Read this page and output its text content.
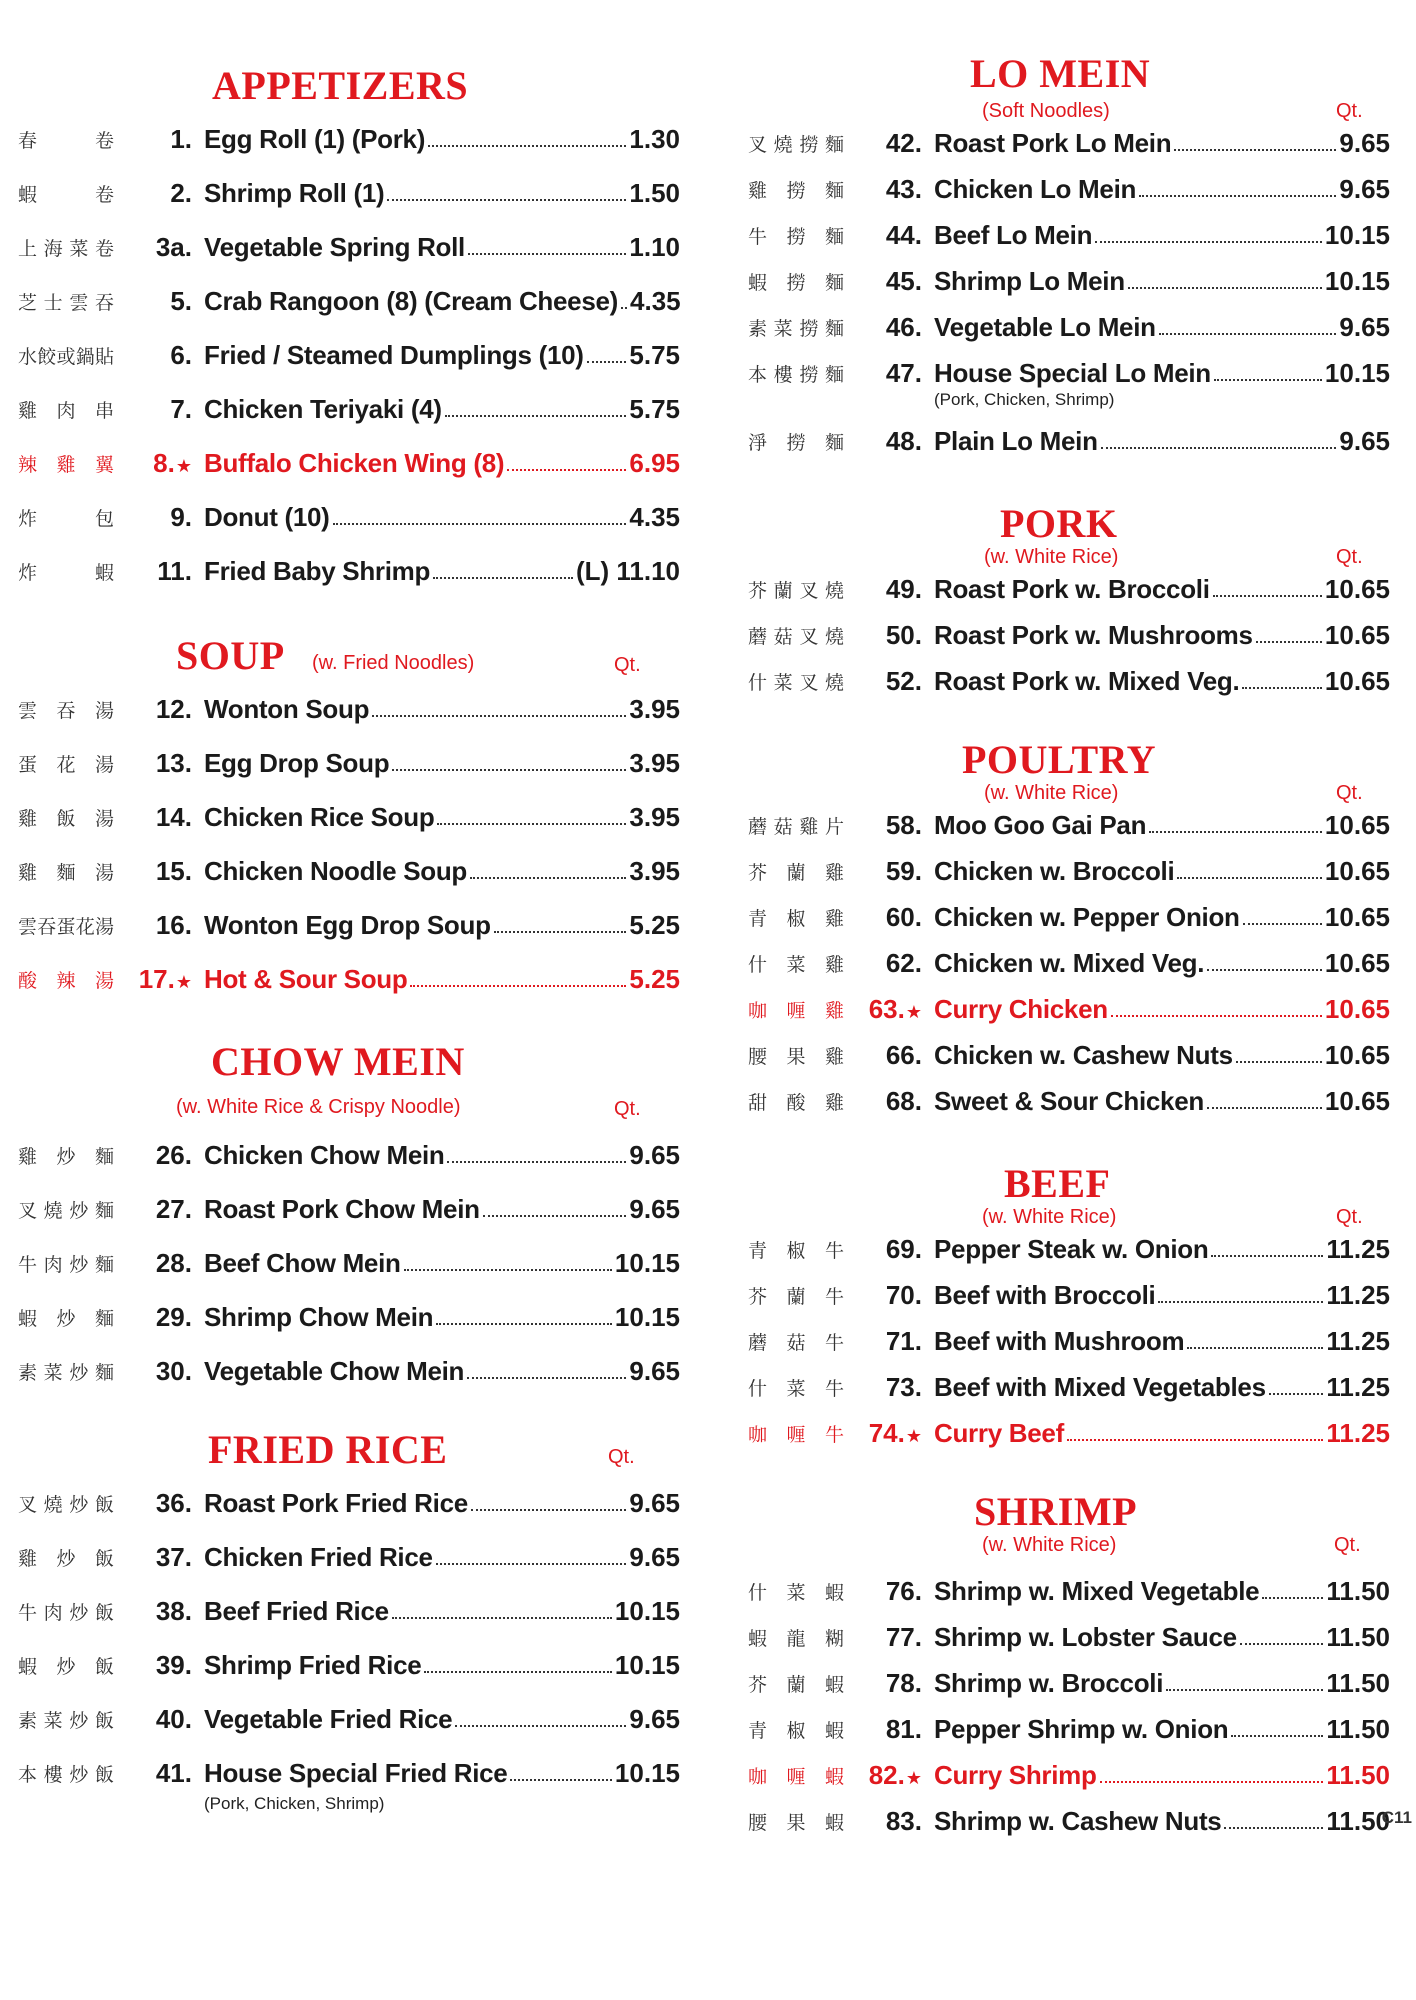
APPETIZERS
春	卷	1. Egg Roll (1) (Pork)	1.30
蝦	卷	2. Shrimp Roll (1)	1.50
上 海 菜 卷	3a. Vegetable Spring Roll	1.10
芝 士 雲 吞	5. Crab Rangoon (8) (Cream Cheese) 4.35
水 餃 或 鍋 貼	6. Fried / Steamed Dumplings (10) 5.75
雞 肉 串	7. Chicken Teriyaki (4)	5.75
辣 雞 翼	8.★ Buffalo Chicken Wing (8)	6.95
炸	包	9. Donut (10)	4.35
炸	蝦	11. Fried Baby Shrimp	(L) 11.10
SOUP (w. Fried Noodles)	Qt.
雲 吞 湯	12. Wonton Soup	3.95
蛋 花 湯	13. Egg Drop Soup	3.95
雞 飯 湯	14. Chicken Rice Soup	3.95
雞 麵 湯	15. Chicken Noodle Soup	3.95
雲 吞 蛋 花 湯	16. Wonton Egg Drop Soup	5.25
酸 辣 湯 17.★ Hot & Sour Soup	5.25
CHOW MEIN
(w. White Rice & Crispy Noodle)	Qt.
雞 炒 麵	26. Chicken Chow Mein	9.65
叉 燒 炒 麵	27. Roast Pork Chow Mein	9.65
牛 肉 炒 麵	28. Beef Chow Mein	10.15
蝦 炒 麵	29. Shrimp Chow Mein	10.15
素 菜 炒 麵	30. Vegetable Chow Mein	9.65
FRIED RICE	Qt.
叉 燒 炒 飯	36. Roast Pork Fried Rice	9.65
雞 炒 飯	37. Chicken Fried Rice	9.65
牛 肉 炒 飯	38. Beef Fried Rice	10.15
蝦 炒 飯	39. Shrimp Fried Rice	10.15
素 菜 炒 飯	40. Vegetable Fried Rice	9.65
本 樓 炒 飯	41. House Special Fried Rice	10.15
(Pork, Chicken, Shrimp)
LO MEIN
(Soft Noodles)	Qt.
叉 燒 撈 麵	42. Roast Pork Lo Mein	9.65
雞 撈 麵	43. Chicken Lo Mein	9.65
牛 撈 麵	44. Beef Lo Mein	10.15
蝦 撈 麵	45. Shrimp Lo Mein	10.15
素 菜 撈 麵	46. Vegetable Lo Mein	9.65
本 樓 撈 麵	47. House Special Lo Mein	10.15
(Pork, Chicken, Shrimp)
淨 撈 麵	48. Plain Lo Mein	9.65
PORK
(w. White Rice)	Qt.
芥 蘭 叉 燒	49. Roast Pork w. Broccoli	10.65
蘑 菇 叉 燒	50. Roast Pork w. Mushrooms	10.65
什 菜 叉 燒	52. Roast Pork w. Mixed Veg.	10.65
POULTRY
(w. White Rice)	Qt.
蘑 菇 雞 片	58. Moo Goo Gai Pan	10.65
芥 蘭 雞	59. Chicken w. Broccoli	10.65
青 椒 雞	60. Chicken w. Pepper Onion	10.65
什 菜 雞	62. Chicken w. Mixed Veg.	10.65
咖 喱 雞 63.★ Curry Chicken	10.65
腰 果 雞	66. Chicken w. Cashew Nuts	10.65
甜 酸 雞	68. Sweet & Sour Chicken	10.65
BEEF
(w. White Rice)	Qt.
青 椒 牛	69. Pepper Steak w. Onion	11.25
芥 蘭 牛	70. Beef with Broccoli	11.25
蘑 菇 牛	71. Beef with Mushroom	11.25
什 菜 牛	73. Beef with Mixed Vegetables 11.25
咖 喱 牛 74.★ Curry Beef	11.25
SHRIMP
(w. White Rice)	Qt.
什 菜 蝦	76. Shrimp w. Mixed Vegetable	11.50
蝦 龍 糊	77. Shrimp w. Lobster Sauce	11.50
芥 蘭 蝦	78. Shrimp w. Broccoli	11.50
青 椒 蝦	81. Pepper Shrimp w. Onion	11.50
咖 喱 蝦 82.★ Curry Shrimp	11.50
腰 果 蝦	83. Shrimp w. Cashew Nuts	11.50
C11
